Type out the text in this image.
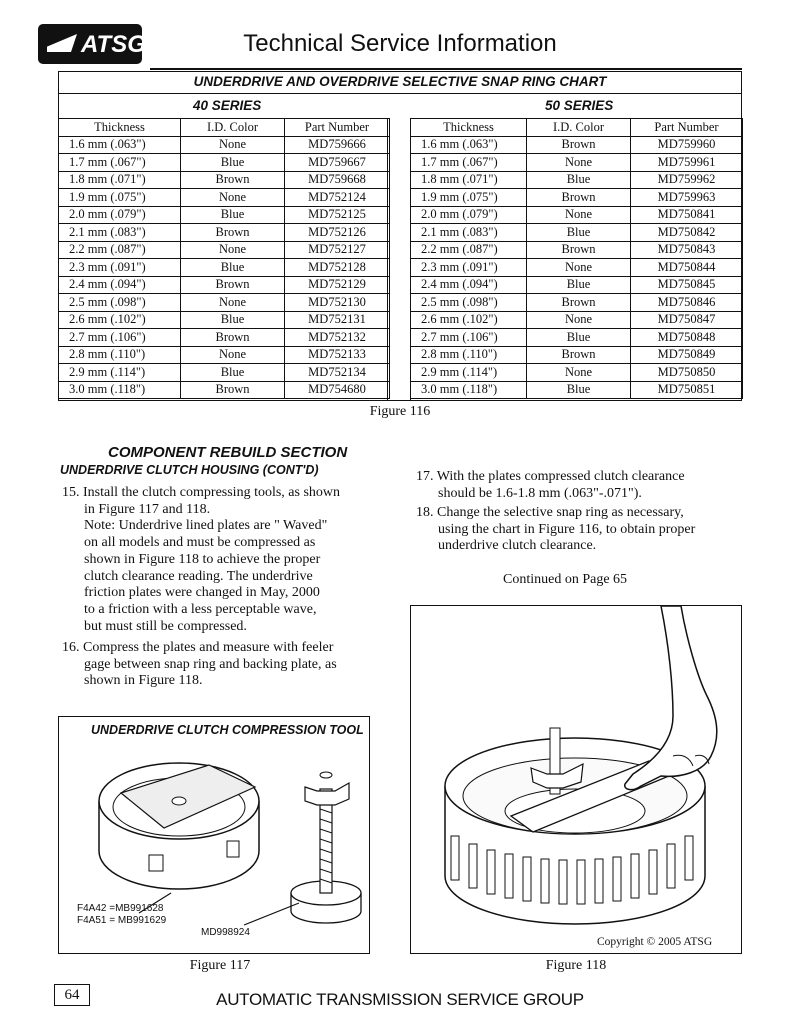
ATSG	Technical Service Information
UNDERDRIVE AND OVERDRIVE SELECTIVE SNAP RING CHART
40 SERIES	50 SERIES
Thickness	I.D. Color	Part Number
1.6 mm (.063")	None	MD759666
1.7 mm (.067")	Blue	MD759667
1.8 mm (.071")	Brown	MD759668
1.9 mm (.075")	None	MD752124
2.0 mm (.079")	Blue	MD752125
2.1 mm (.083")	Brown	MD752126
2.2 mm (.087")	None	MD752127
2.3 mm (.091")	Blue	MD752128
2.4 mm (.094")	Brown	MD752129
2.5 mm (.098")	None	MD752130
2.6 mm (.102")	Blue	MD752131
2.7 mm (.106")	Brown	MD752132
2.8 mm (.110")	None	MD752133
2.9 mm (.114")	Blue	MD752134
3.0 mm (.118")	Brown	MD754680
Thickness	I.D. Color	Part Number
1.6 mm (.063")	Brown	MD759960
1.7 mm (.067")	None	MD759961
1.8 mm (.071")	Blue	MD759962
1.9 mm (.075")	Brown	MD759963
2.0 mm (.079")	None	MD750841
2.1 mm (.083")	Blue	MD750842
2.2 mm (.087")	Brown	MD750843
2.3 mm (.091")	None	MD750844
2.4 mm (.094")	Blue	MD750845
2.5 mm (.098")	Brown	MD750846
2.6 mm (.102")	None	MD750847
2.7 mm (.106")	Blue	MD750848
2.8 mm (.110")	Brown	MD750849
2.9 mm (.114")	None	MD750850
3.0 mm (.118")	Blue	MD750851
Figure 116
COMPONENT REBUILD SECTION
UNDERDRIVE CLUTCH HOUSING (CONT'D)

15. Install the clutch compressing tools, as shown

in Figure 117 and 118.

Note: Underdrive lined plates are " Waved"

on all models and must be compressed as

shown in Figure 118 to achieve the proper

clutch clearance reading. The underdrive

friction plates were changed in May, 2000

to a friction with a less perceptable wave,

but must still be compressed.

16. Compress the plates and measure with feeler

gage between snap ring and backing plate, as

shown in Figure 118.

17. With the plates compressed clutch clearance

should be 1.6-1.8 mm (.063"-.071").

18. Change the selective snap ring as necessary,

using the chart in Figure 116, to obtain proper

underdrive clutch clearance.

Continued on Page 65
UNDERDRIVE CLUTCH COMPRESSION TOOL
F4A42 =MB991628
F4A51 = MB991629
MD998924
Figure 117
Copyright © 2005 ATSG
Figure 118
64	AUTOMATIC TRANSMISSION SERVICE GROUP
